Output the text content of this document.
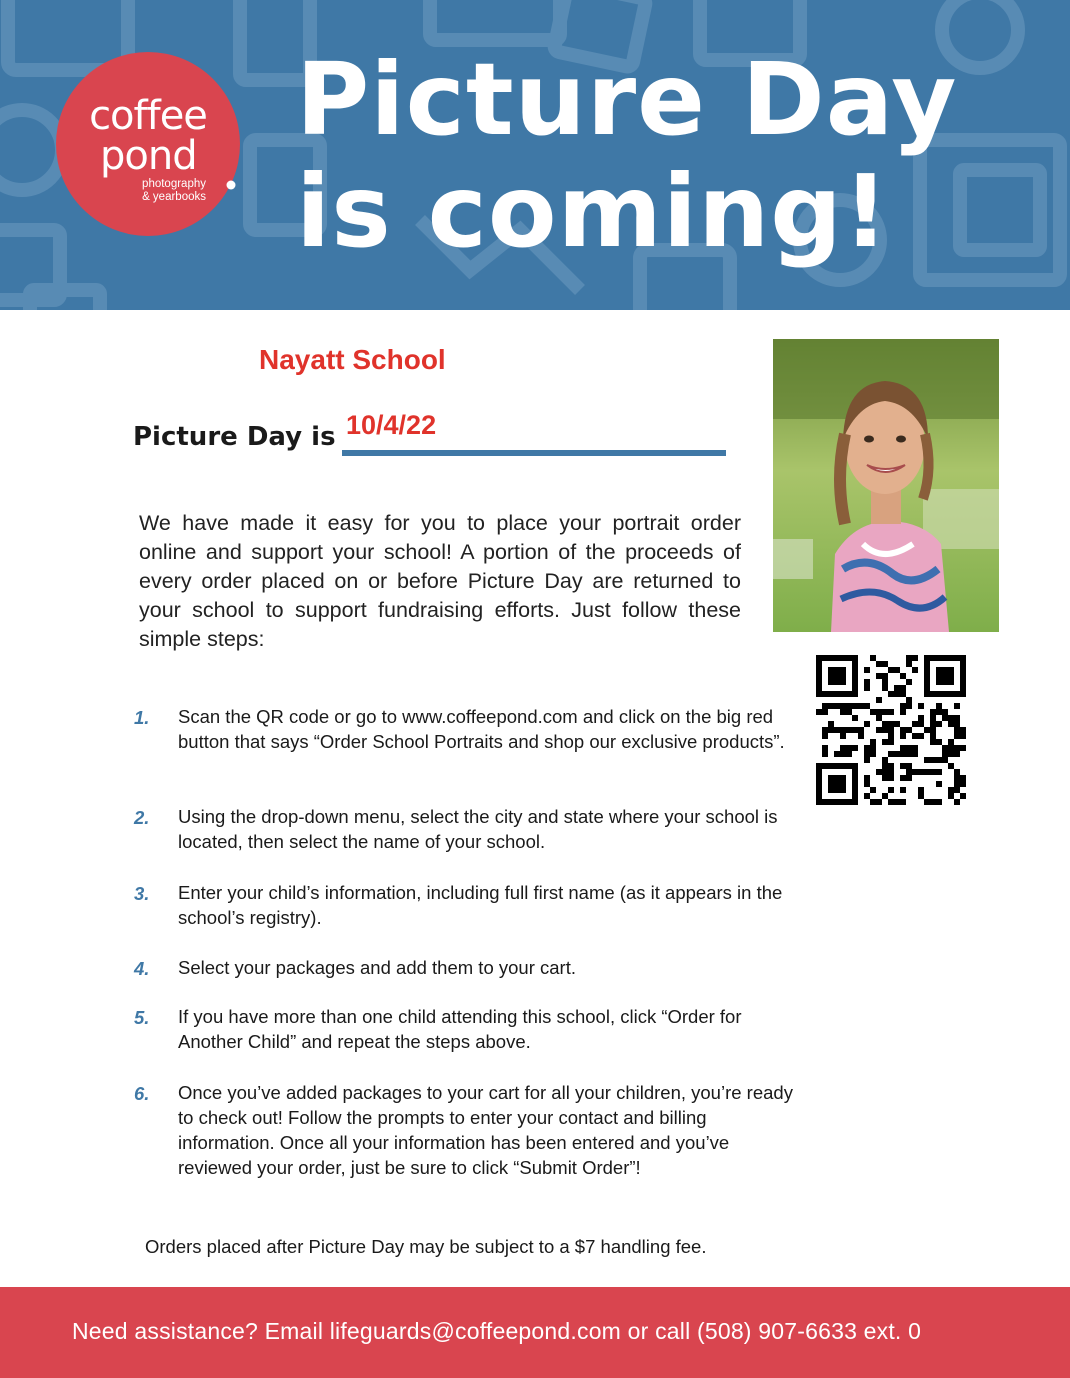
coffee
pond
photography
& yearbooks
Picture Day
is coming!
Nayatt School
Picture Day is 10/4/22
We have made it easy for you to place your portrait order online and support your school! A portion of the proceeds of every order placed on or before Picture Day are returned to your school to support fundraising efforts. Just follow these simple steps:
1. Scan the QR code or go to www.coffeepond.com and click on the big red button that says “Order School Portraits and shop our exclusive products”.
2. Using the drop-down menu, select the city and state where your school is located, then select the name of your school.
3. Enter your child’s information, including full first name (as it appears in the school’s registry).
4. Select your packages and add them to your cart.
5. If you have more than one child attending this school, click “Order for Another Child” and repeat the steps above.
6. Once you’ve added packages to your cart for all your children, you’re ready to check out! Follow the prompts to enter your contact and billing information. Once all your information has been entered and you’ve reviewed your order, just be sure to click “Submit Order”!
Orders placed after Picture Day may be subject to a $7 handling fee.
Need assistance? Email lifeguards@coffeepond.com or call (508) 907-6633 ext. 0
